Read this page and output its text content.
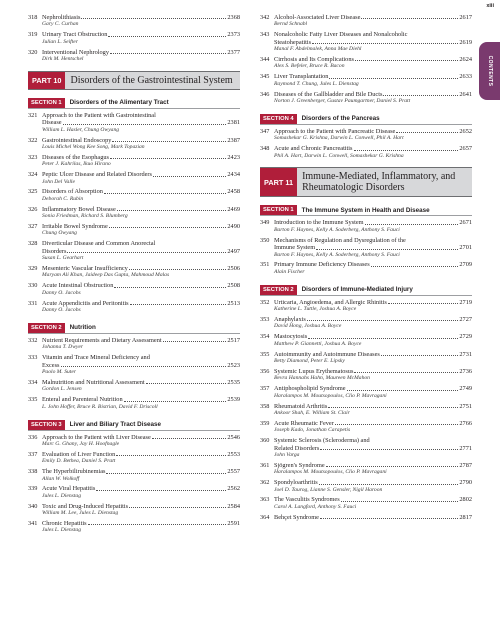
xiii
CONTENTS
318 Nephrolithiasis	2368
Gary C. Curhan
319 Urinary Tract Obstruction	2373
Julian L. Seifter
320 Interventional Nephrology	2377
Dirk M. Hentschel
PART 10 Disorders of the Gastrointestinal System
SECTION 1	Disorders of the Alimentary Tract
321 Approach to the Patient with Gastrointestinal
Disease	2381
William L. Hasler, Chung Owyang
322 Gastrointestinal Endoscopy	2387
Louis Michel Wong Kee Song, Mark Topazian
323 Diseases of the Esophagus	2423
Peter J. Kahrilas, Ikuo Hirano
324 Peptic Ulcer Disease and Related Disorders	2434
John Del Valle
325 Disorders of Absorption	2458
Deborah C. Rubin
326 Inflammatory Bowel Disease	2469
Sonia Friedman, Richard S. Blumberg
327 Irritable Bowel Syndrome	2490
Chung Owyang
328 Diverticular Disease and Common Anorectal
Disorders	2497
Susan L. Gearhart
329 Mesenteric Vascular Insufficiency	2506
Maryam Ali Khan, Jaideep Das Gupta, Mahmoud Malas
330 Acute Intestinal Obstruction	2508
Danny O. Jacobs
331 Acute Appendicitis and Peritonitis	2513
Danny O. Jacobs
SECTION 2	Nutrition
332 Nutrient Requirements and Dietary Assessment	2517
Johanna T. Dwyer
333 Vitamin and Trace Mineral Deficiency and
Excess	2523
Paolo M. Suter
334 Malnutrition and Nutritional Assessment	2535
Gordon L. Jensen
335 Enteral and Parenteral Nutrition	2539
L. John Hoffer, Bruce R. Bistrian, David F. Driscoll
SECTION 3	Liver and Biliary Tract Disease
336 Approach to the Patient with Liver Disease	2546
Marc G. Ghany, Jay H. Hoofnagle
337 Evaluation of Liver Function	2553
Emily D. Bethea, Daniel S. Pratt
338 The Hyperbilirubinemias	2557
Allan W. Wolkoff
339 Acute Viral Hepatitis	2562
Jules L. Dienstag
340 Toxic and Drug-Induced Hepatitis	2584
William M. Lee, Jules L. Dienstag
341 Chronic Hepatitis	2591
Jules L. Dienstag
342 Alcohol-Associated Liver Disease	2617
Bernd Schnabl
343 Nonalcoholic Fatty Liver Diseases and Nonalcoholic
Steatohepatitis	2619
Manal F. Abdelmalek, Anna Mae Diehl
344 Cirrhosis and Its Complications	2624
Alex S. Befeler, Bruce R. Bacon
345 Liver Transplantation	2633
Raymond T. Chung, Jules L. Dienstag
346 Diseases of the Gallbladder and Bile Ducts	2641
Norton J. Greenberger, Gustav Paumgartner, Daniel S. Pratt
SECTION 4	Disorders of the Pancreas
347 Approach to the Patient with Pancreatic Disease	2652
Somashekar G. Krishna, Darwin L. Conwell, Phil A. Hart
348 Acute and Chronic Pancreatitis	2657
Phil A. Hart, Darwin L. Conwell, Somashekar G. Krishna
PART 11 Immune-Mediated, Inflammatory, and Rheumatologic Disorders
SECTION 1	The Immune System in Health and Disease
349 Introduction to the Immune System	2671
Barton F. Haynes, Kelly A. Soderberg, Anthony S. Fauci
350 Mechanisms of Regulation and Dysregulation of the
Immune System	2701
Barton F. Haynes, Kelly A. Soderberg, Anthony S. Fauci
351 Primary Immune Deficiency Diseases	2709
Alain Fischer
SECTION 2	Disorders of Immune-Mediated Injury
352 Urticaria, Angioedema, and Allergic Rhinitis	2719
Katherine L. Tuttle, Joshua A. Boyce
353 Anaphylaxis	2727
David Hong, Joshua A. Boyce
354 Mastocytosis	2729
Matthew P. Giannetti, Joshua A. Boyce
355 Autoimmunity and Autoimmune Diseases	2731
Betty Diamond, Peter E. Lipsky
356 Systemic Lupus Erythematosus	2736
Bevra Hannahs Hahn, Maureen McMahon
357 Antiphospholipid Syndrome	2749
Haralampos M. Moutsopoulos, Clio P. Mavragani
358 Rheumatoid Arthritis	2751
Ankoor Shah, E. William St. Clair
359 Acute Rheumatic Fever	2766
Joseph Kado, Jonathan Carapetis
360 Systemic Sclerosis (Scleroderma) and
Related Disorders	2771
John Varga
361 Sjögren's Syndrome	2787
Haralampos M. Moutsopoulos, Clio P. Mavragani
362 Spondyloarthritis	2790
Joel D. Taurog, Lianne S. Gensler, Nigil Haroon
363 The Vasculitis Syndromes	2802
Carol A. Langford, Anthony S. Fauci
364 Behçet Syndrome	2817
